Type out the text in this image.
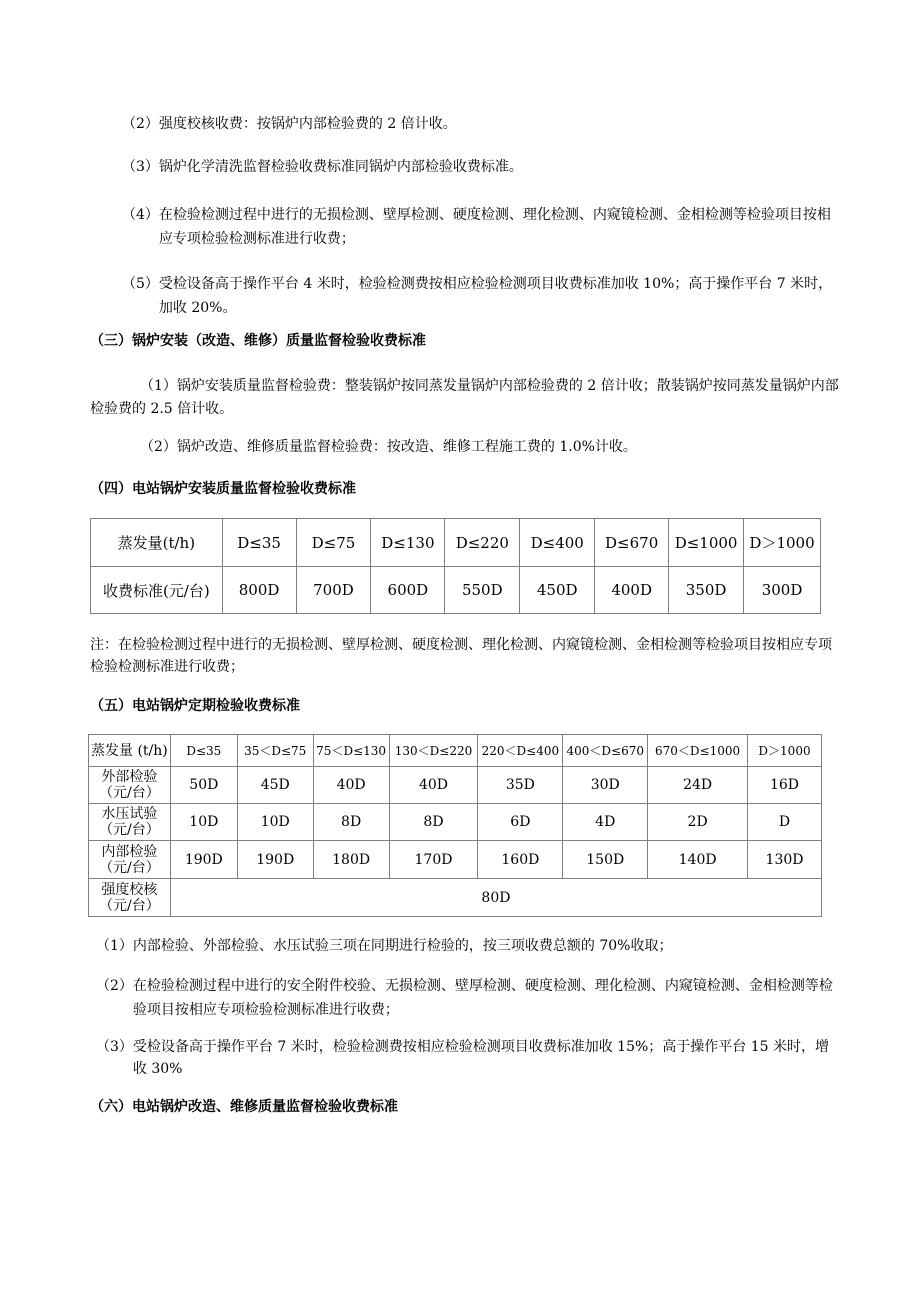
（2） 强度校核收费：按锅炉内部检验费的 2 倍计收。
（3） 锅炉化学清洗监督检验收费标准同锅炉内部检验收费标准。
（4） 在检验检测过程中进行的无损检测、壁厚检测、硬度检测、理化检测、内窥镜检测、金相检测等检验项目按相应专项检验检测标准进行收费；
（5） 受检设备高于操作平台 4 米时，检验检测费按相应检验检测项目收费标准加收 10%；高于操作平台 7 米时，加收 20%。
（三）锅炉安装（改造、维修）质量监督检验收费标准
（1）锅炉安装质量监督检验费：整装锅炉按同蒸发量锅炉内部检验费的 2 倍计收；散装锅炉按同蒸发量锅炉内部检验费的 2.5 倍计收。
（2）锅炉改造、维修质量监督检验费：按改造、维修工程施工费的 1.0%计收。
（四）电站锅炉安装质量监督检验收费标准
蒸发量(t/h)	D≤35	D≤75	D≤130	D≤220	D≤400	D≤670	D≤1000	D＞1000
收费标准(元/台)	800D	700D	600D	550D	450D	400D	350D	300D
注：在检验检测过程中进行的无损检测、壁厚检测、硬度检测、理化检测、内窥镜检测、金相检测等检验项目按相应专项检验检测标准进行收费；
（五）电站锅炉定期检验收费标准
蒸发量 (t/h)	D≤35	35＜D≤75	75＜D≤130	130＜D≤220	220＜D≤400	400＜D≤670	670＜D≤1000	D＞1000

外部检验
（元/台）	50D	45D	40D	40D	35D	30D	24D	16D

水压试验
（元/台）	10D	10D	8D	8D	6D	4D	2D	D

内部检验
（元/台）	190D	190D	180D	170D	160D	150D	140D	130D

强度校核
（元/台）	80D							
（1） 内部检验、外部检验、水压试验三项在同期进行检验的，按三项收费总额的 70%收取；
（2） 在检验检测过程中进行的安全附件校验、无损检测、壁厚检测、硬度检测、理化检测、内窥镜检测、金相检测等检验项目按相应专项检验检测标准进行收费；
（3） 受检设备高于操作平台 7 米时，检验检测费按相应检验检测项目收费标准加收 15%；高于操作平台 15 米时，增收 30%
（六）电站锅炉改造、维修质量监督检验收费标准
